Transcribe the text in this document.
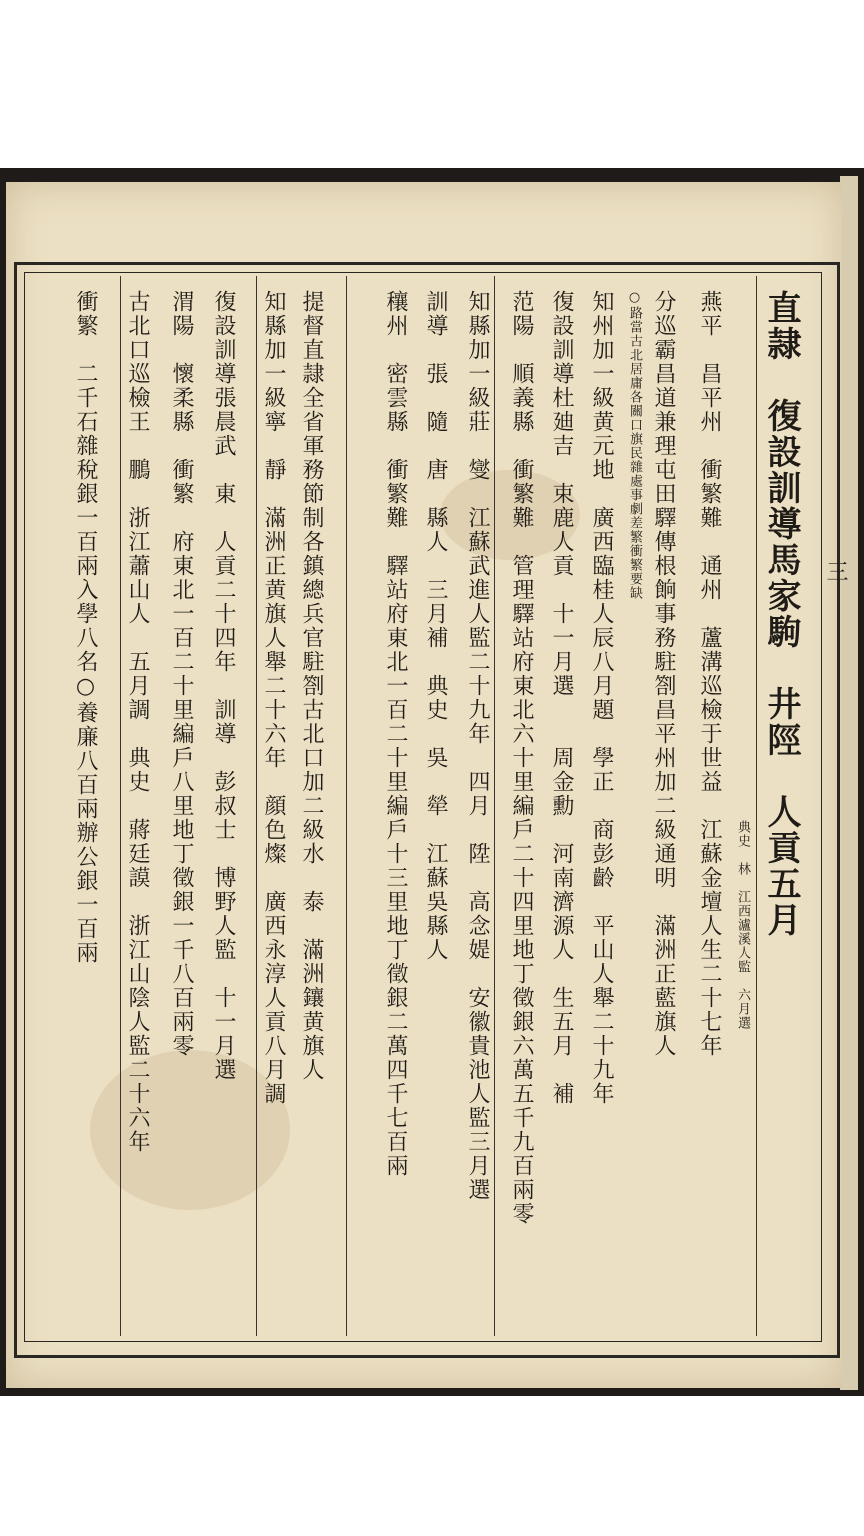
三
直隷　復設訓導馬家駒　井陘　人貢五月
典史　林　江西瀘溪人監　六月選
燕平　昌平州　衝繁難　通州　蘆溝巡檢于世益　江蘇金壇人生二十七年
分巡霸昌道兼理屯田驛傳根餉事務駐劄昌平州加二級通明　滿洲正藍旗人
○路當古北居庸各關口旗民雜處事劇差繁衝繁要缺
知州加一級黄元地　廣西臨桂人辰八月題　學正　商彭齡　平山人舉二十九年
復設訓導杜廸吉　束鹿人貢　十一月選　　周金勳　河南濟源人　生五月　補
范陽　順義縣　衝繁難　管理驛站府東北六十里編戶二十四里地丁徵銀六萬五千九百兩零
知縣加一級莊　燮　江蘇武進人監二十九年　四月　陞　高念媞　安徽貴池人監三月選
訓導　張　隨　唐　縣人　三月補　典史　吳　犖　江蘇吳縣人
穰州　密雲縣　衝繁難　驛站府東北一百二十里編戶十三里地丁徵銀二萬四千七百兩
提督直隷全省軍務節制各鎮總兵官駐劄古北口加二級水　泰　滿洲鑲黄旗人
知縣加一級寧　靜　滿洲正黄旗人舉二十六年　顔色燦　廣西永淳人貢八月調
復設訓導張晨武　東　人貢二十四年　訓導　彭叔士　博野人監　十一月選
渭陽　懷柔縣　衝繁　府東北一百二十里編戶八里地丁徵銀一千八百兩零
古北口巡檢王　鵬　浙江蕭山人　五月調　典史　蔣廷謨　浙江山陰人監二十六年
衝繁　二千石雜稅銀一百兩入學八名○養廉八百兩辦公銀一百兩
